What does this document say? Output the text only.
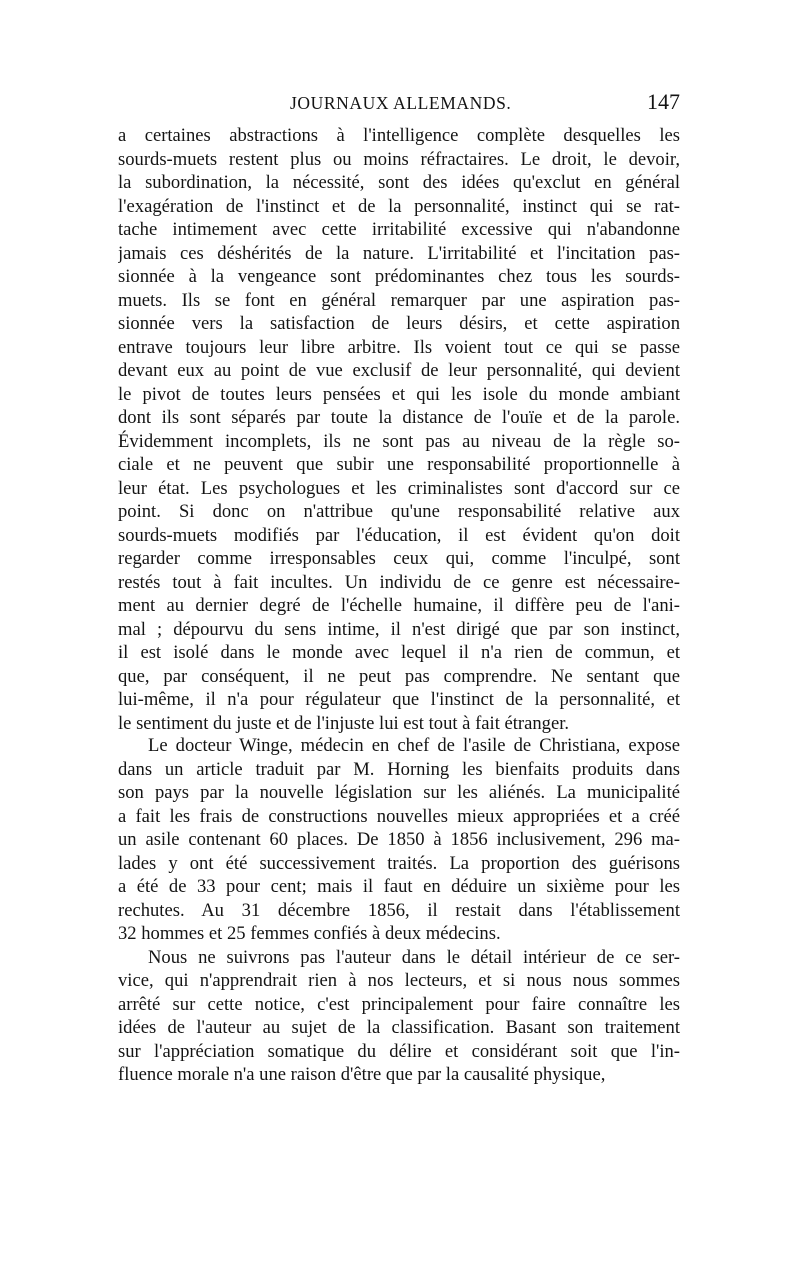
JOURNAUX ALLEMANDS.	147
a certaines abstractions à l'intelligence complète desquelles les
sourds-muets restent plus ou moins réfractaires. Le droit, le devoir,
la subordination, la nécessité, sont des idées qu'exclut en général
l'exagération de l'instinct et de la personnalité, instinct qui se rat-
tache intimement avec cette irritabilité excessive qui n'abandonne
jamais ces déshérités de la nature. L'irritabilité et l'incitation pas-
sionnée à la vengeance sont prédominantes chez tous les sourds-
muets. Ils se font en général remarquer par une aspiration pas-
sionnée vers la satisfaction de leurs désirs, et cette aspiration
entrave toujours leur libre arbitre. Ils voient tout ce qui se passe
devant eux au point de vue exclusif de leur personnalité, qui devient
le pivot de toutes leurs pensées et qui les isole du monde ambiant
dont ils sont séparés par toute la distance de l'ouïe et de la parole.
Évidemment incomplets, ils ne sont pas au niveau de la règle so-
ciale et ne peuvent que subir une responsabilité proportionnelle à
leur état. Les psychologues et les criminalistes sont d'accord sur ce
point. Si donc on n'attribue qu'une responsabilité relative aux
sourds-muets modifiés par l'éducation, il est évident qu'on doit
regarder comme irresponsables ceux qui, comme l'inculpé, sont
restés tout à fait incultes. Un individu de ce genre est nécessaire-
ment au dernier degré de l'échelle humaine, il diffère peu de l'ani-
mal ; dépourvu du sens intime, il n'est dirigé que par son instinct,
il est isolé dans le monde avec lequel il n'a rien de commun, et
que, par conséquent, il ne peut pas comprendre. Ne sentant que
lui-même, il n'a pour régulateur que l'instinct de la personnalité, et
le sentiment du juste et de l'injuste lui est tout à fait étranger.
Le docteur Winge, médecin en chef de l'asile de Christiana, expose
dans un article traduit par M. Horning les bienfaits produits dans
son pays par la nouvelle législation sur les aliénés. La municipalité
a fait les frais de constructions nouvelles mieux appropriées et a créé
un asile contenant 60 places. De 1850 à 1856 inclusivement, 296 ma-
lades y ont été successivement traités. La proportion des guérisons
a été de 33 pour cent; mais il faut en déduire un sixième pour les
rechutes. Au 31 décembre 1856, il restait dans l'établissement
32 hommes et 25 femmes confiés à deux médecins.
Nous ne suivrons pas l'auteur dans le détail intérieur de ce ser-
vice, qui n'apprendrait rien à nos lecteurs, et si nous nous sommes
arrêté sur cette notice, c'est principalement pour faire connaître les
idées de l'auteur au sujet de la classification. Basant son traitement
sur l'appréciation somatique du délire et considérant soit que l'in-
fluence morale n'a une raison d'être que par la causalité physique,
